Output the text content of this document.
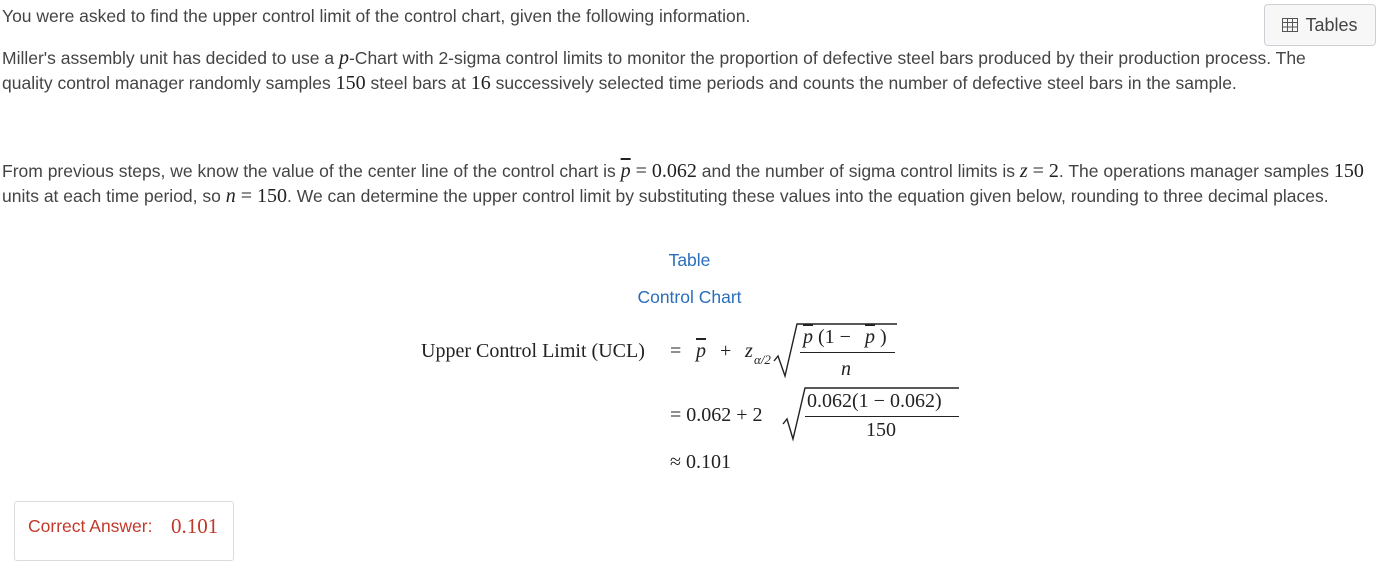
You were asked to find the upper control limit of the control chart, given the following information.	Tables

Miller's assembly unit has decided to use a p-Chart with 2-sigma control limits to monitor the proportion of defective steel bars produced by their production process. The quality control manager randomly samples 150 steel bars at 16 successively selected time periods and counts the number of defective steel bars in the sample.

From previous steps, we know the value of the center line of the control chart is $\overline{p} = 0.062$ and the number of sigma control limits is z = 2. The operations manager samples 150 units at each time period, so n = 150. We can determine the upper control limit by substituting these values into the equation given below, rounding to three decimal places.

Table
Control Chart
Upper Control Limit $(UCL) = \overline{p} + z$ α/2
$\overline{p}$ ($1 - \overline{p}$ )
n
= 0.062 + 2
0.062(1 − 0.062)
150
≈ 0.101
Correct Answer: 0.101
